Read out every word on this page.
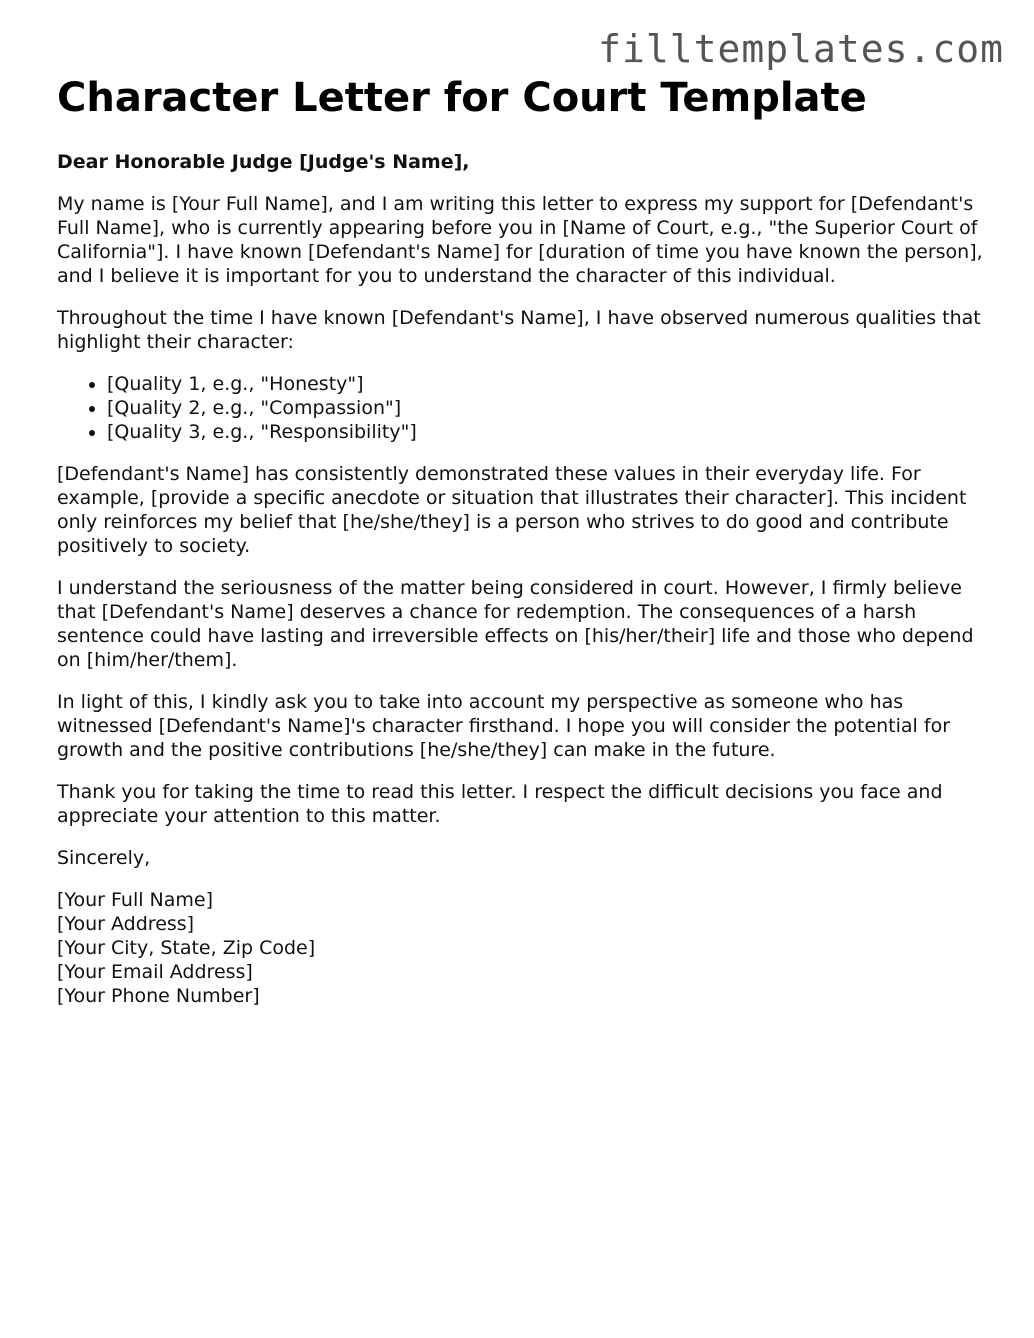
filltemplates.com
Character Letter for Court Template
Dear Honorable Judge [Judge's Name],

My name is [Your Full Name], and I am writing this letter to express my support for [Defendant's Full Name], who is currently appearing before you in [Name of Court, e.g., "the Superior Court of California"]. I have known [Defendant's Name] for [duration of time you have known the person], and I believe it is important for you to understand the character of this individual.

Throughout the time I have known [Defendant's Name], I have observed numerous qualities that highlight their character:

• [Quality 1, e.g., "Honesty"]
• [Quality 2, e.g., "Compassion"]
• [Quality 3, e.g., "Responsibility"]

[Defendant's Name] has consistently demonstrated these values in their everyday life. For example, [provide a specific anecdote or situation that illustrates their character]. This incident only reinforces my belief that [he/she/they] is a person who strives to do good and contribute positively to society.

I understand the seriousness of the matter being considered in court. However, I firmly believe that [Defendant's Name] deserves a chance for redemption. The consequences of a harsh sentence could have lasting and irreversible effects on [his/her/their] life and those who depend on [him/her/them].

In light of this, I kindly ask you to take into account my perspective as someone who has witnessed [Defendant's Name]'s character firsthand. I hope you will consider the potential for growth and the positive contributions [he/she/they] can make in the future.

Thank you for taking the time to read this letter. I respect the difficult decisions you face and appreciate your attention to this matter.

Sincerely,

[Your Full Name]
[Your Address]
[Your City, State, Zip Code]
[Your Email Address]
[Your Phone Number]
